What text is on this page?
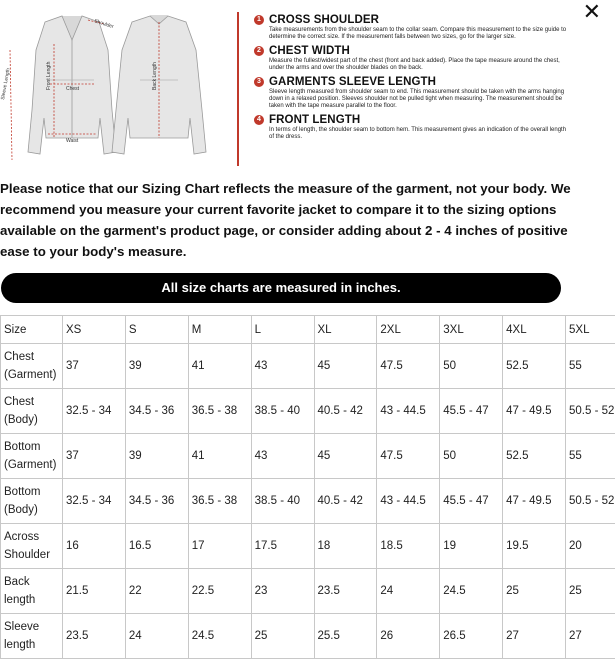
✕
Shoulder
Sleeve Length	Front Length	Chest
Waist
Back Length
1 CROSS SHOULDER
Take measurements from the shoulder seam to the collar seam. Compare this measurement to the size guide to determine the correct size. If the measurement falls between two sizes, go for the larger size.
2 CHEST WIDTH
Measure the fullest/widest part of the chest (front and back added). Place the tape measure around the chest, under the arms and over the shoulder blades on the back.
3 GARMENTS SLEEVE LENGTH
Sleeve length measured from shoulder seam to end. This measurement should be taken with the arms hanging down in a relaxed position. Sleeves shoulder not be pulled tight when measuring. The measurement should be taken with the tape measure parallel to the floor.
4 FRONT LENGTH
In terms of length, the shoulder seam to bottom hem. This measurement gives an indication of the overall length of the dress.
Please notice that our Sizing Chart reflects the measure of the garment, not your body. We recommend you measure your current favorite jacket to compare it to the sizing options available on the garment's product page, or consider adding about 2 - 4 inches of positive ease to your body's measure.
All size charts are measured in inches.
Size	XS	S	M	L	XL	2XL	3XL	4XL	5XL
Chest (Garment)	37	39	41	43	45	47.5	50	52.5	55
Chest (Body)	32.5 - 34	34.5 - 36	36.5 - 38	38.5 - 40	40.5 - 42	43 - 44.5	45.5 - 47	47 - 49.5	50.5 - 52
Bottom (Garment)	37	39	41	43	45	47.5	50	52.5	55
Bottom (Body)	32.5 - 34	34.5 - 36	36.5 - 38	38.5 - 40	40.5 - 42	43 - 44.5	45.5 - 47	47 - 49.5	50.5 - 52
Across Shoulder	16	16.5	17	17.5	18	18.5	19	19.5	20
Back length	21.5	22	22.5	23	23.5	24	24.5	25	25
Sleeve length	23.5	24	24.5	25	25.5	26	26.5	27	27
